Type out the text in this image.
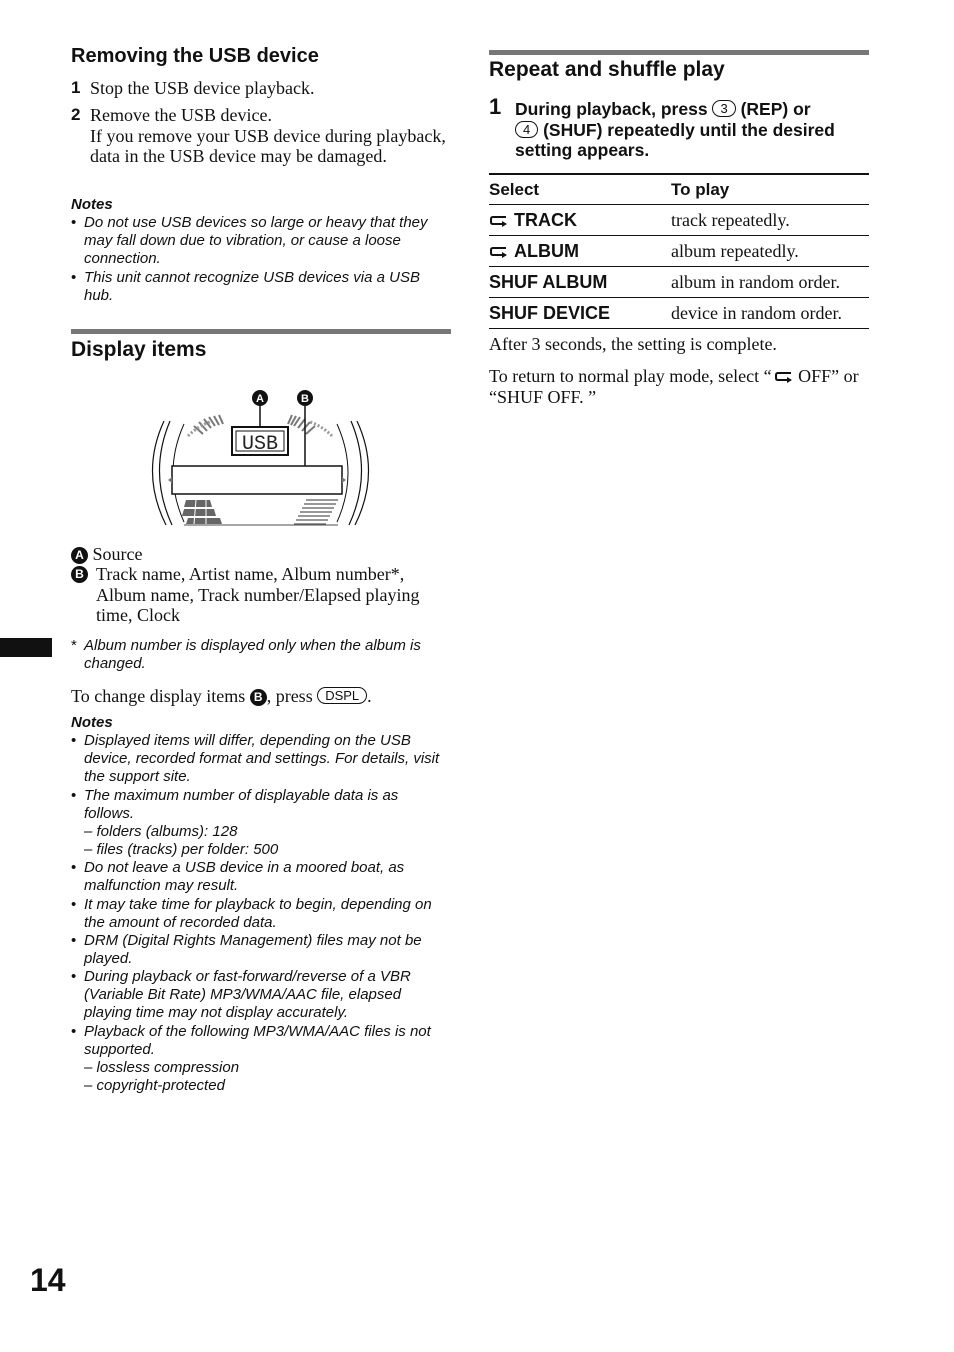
Removing the USB device
1 Stop the USB device playback.
2 Remove the USB device.
If you remove your USB device during playback, data in the USB device may be damaged.
Notes
• Do not use USB devices so large or heavy that they may fall down due to vibration, or cause a loose connection.
• This unit cannot recognize USB devices via a USB hub.
Display items
USB
A	B
A Source
B Track name, Artist name, Album number*, Album name, Track number/Elapsed playing time, Clock
* Album number is displayed only when the album is changed.
To change display items B , press DSPL .
Notes
• Displayed items will differ, depending on the USB device, recorded format and settings. For details, visit the support site.
• The maximum number of displayable data is as follows.
– folders (albums): 128
– files (tracks) per folder: 500
• Do not leave a USB device in a moored boat, as malfunction may result.
• It may take time for playback to begin, depending on the amount of recorded data.
• DRM (Digital Rights Management) files may not be played.
• During playback or fast-forward/reverse of a VBR (Variable Bit Rate) MP3/WMA/AAC file, elapsed playing time may not display accurately.
• Playback of the following MP3/WMA/AAC files is not supported.
– lossless compression
– copyright-protected
Repeat and shuffle play
1 During playback, press 3 (REP) or
4 (SHUF) repeatedly until the desired setting appears.
Select	To play
TRACK	track repeatedly.
ALBUM	album repeatedly.
SHUF ALBUM	album in random order.
SHUF DEVICE	device in random order.
After 3 seconds, the setting is complete.
To return to normal play mode, select “ OFF” or “SHUF OFF. ”
14
